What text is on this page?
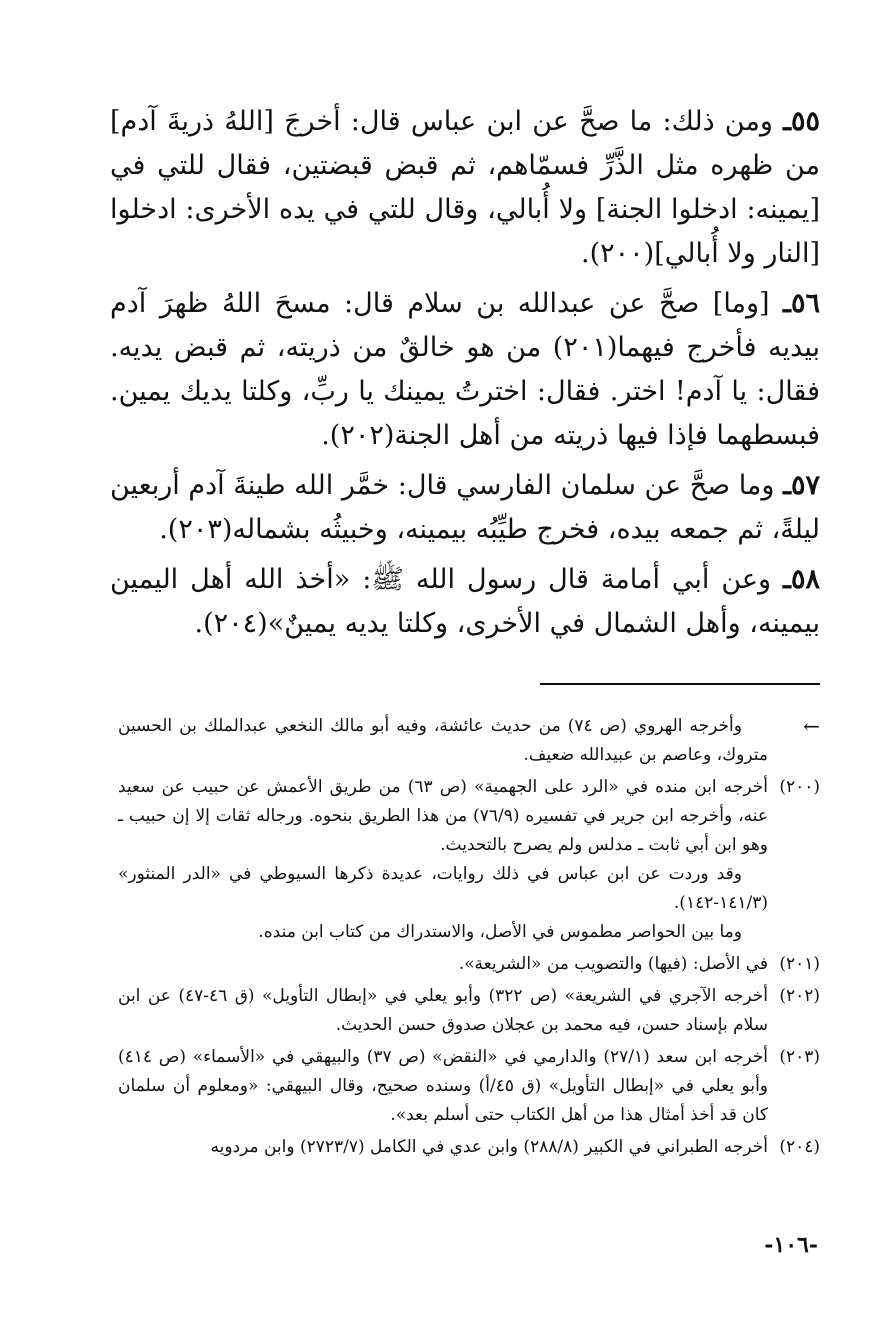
٥٥ـ ومن ذلك: ما صحَّ عن ابن عباس قال: أخرجَ [اللهُ ذريةَ آدم] من ظهره مثل الذَّرِّ فسمّاهم، ثم قبض قبضتين، فقال للتي في [يمينه: ادخلوا الجنة] ولا أُبالي، وقال للتي في يده الأخرى: ادخلوا [النار ولا أُبالي](٢٠٠).

٥٦ـ [وما] صحَّ عن عبدالله بن سلام قال: مسحَ اللهُ ظهرَ آدم بيديه فأخرج فيهما(٢٠١) من هو خالقٌ من ذريته، ثم قبض يديه. فقال: يا آدم! اختر. فقال: اخترتُ يمينك يا ربِّ، وكلتا يديك يمين. فبسطهما فإذا فيها ذريته من أهل الجنة(٢٠٢).

٥٧ـ وما صحَّ عن سلمان الفارسي قال: خمَّر الله طينةَ آدم أربعين ليلةً، ثم جمعه بيده، فخرج طيِّبُه بيمينه، وخبيثُه بشماله(٢٠٣).

٥٨ـ وعن أبي أمامة قال رسول الله ﷺ: «أخذ الله أهل اليمين بيمينه، وأهل الشمال في الأخرى، وكلتا يديه يمينٌ»(٢٠٤).

←

وأخرجه الهروي (ص ٧٤) من حديث عائشة، وفيه أبو مالك النخعي عبدالملك بن الحسين متروك، وعاصم بن عبيدالله ضعيف.

(٢٠٠)

أخرجه ابن منده في «الرد على الجهمية» (ص ٦٣) من طريق الأعمش عن حبيب عن سعيد عنه، وأخرجه ابن جرير في تفسيره (٧٦/٩) من هذا الطريق بنحوه. ورجاله ثقات إلا إن حبيب ـ وهو ابن أبي ثابت ـ مدلس ولم يصرح بالتحديث.

وقد وردت عن ابن عباس في ذلك روايات، عديدة ذكرها السيوطي في «الدر المنثور» (١٤١/٣-١٤٢).

وما بين الحواصر مطموس في الأصل، والاستدراك من كتاب ابن منده.

(٢٠١)

في الأصل: (فيها) والتصويب من «الشريعة».

(٢٠٢)

أخرجه الآجري في الشريعة» (ص ٣٢٢) وأبو يعلي في «إبطال التأويل» (ق ٤٦-٤٧) عن ابن سلام بإسناد حسن، فيه محمد بن عجلان صدوق حسن الحديث.

(٢٠٣)

أخرجه ابن سعد (٢٧/١) والدارمي في «النقض» (ص ٣٧) والبيهقي في «الأسماء» (ص ٤١٤) وأبو يعلي في «إبطال التأويل» (ق ٤٥/أ) وسنده صحيح، وقال البيهقي: «ومعلوم أن سلمان كان قد أخذ أمثال هذا من أهل الكتاب حتى أسلم بعد».

(٢٠٤)

أخرجه الطبراني في الكبير (٢٨٨/٨) وابن عدي في الكامل (٢٧٢٣/٧) وابن مردويه

-١٠٦-
